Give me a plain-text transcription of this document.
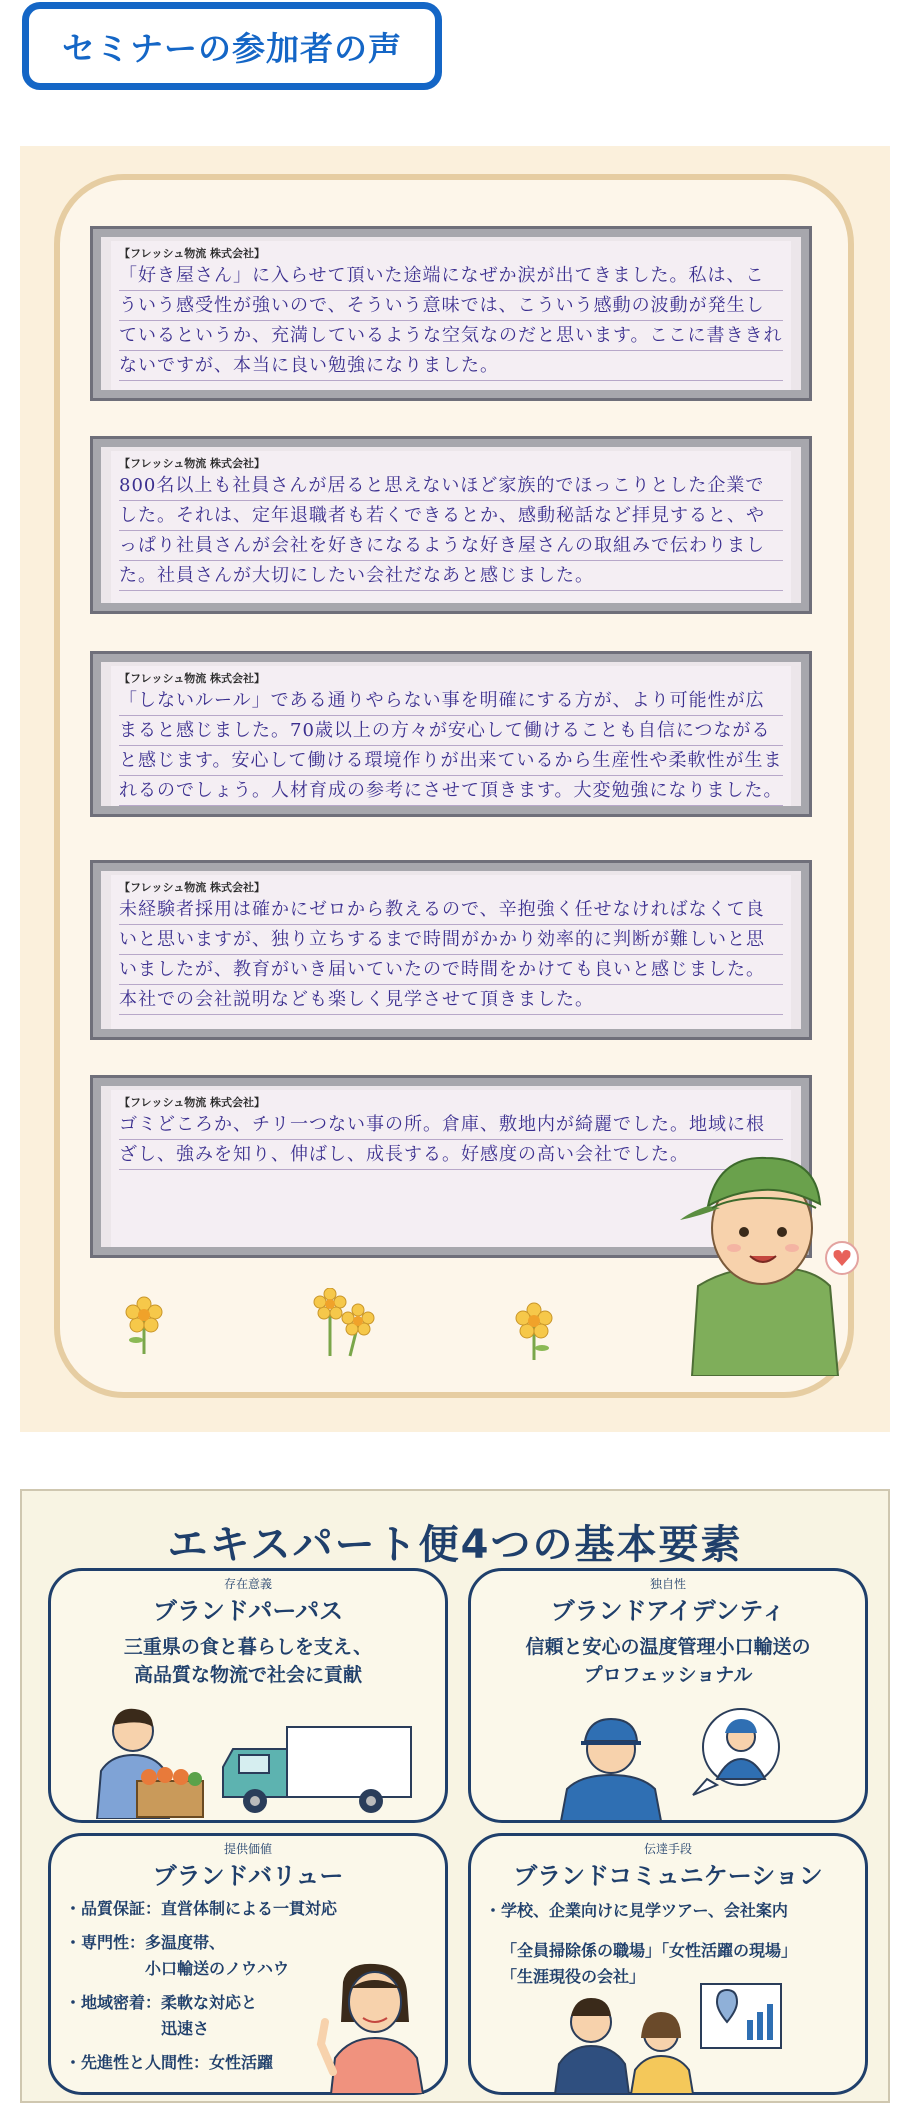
セミナーの参加者の声
【フレッシュ物流 株式会社】
「好き屋さん」に入らせて頂いた途端になぜか涙が出てきました。私は、こういう感受性が強いので、そういう意味では、こういう感動の波動が発生しているというか、充満しているような空気なのだと思います。ここに書ききれないですが、本当に良い勉強になりました。
【フレッシュ物流 株式会社】
800名以上も社員さんが居ると思えないほど家族的でほっこりとした企業でした。それは、定年退職者も若くできるとか、感動秘話など拝見すると、やっぱり社員さんが会社を好きになるような好き屋さんの取組みで伝わりました。社員さんが大切にしたい会社だなあと感じました。
【フレッシュ物流 株式会社】
「しないルール」である通りやらない事を明確にする方が、より可能性が広まると感じました。70歳以上の方々が安心して働けることも自信につながると感じます。安心して働ける環境作りが出来ているから生産性や柔軟性が生まれるのでしょう。人材育成の参考にさせて頂きます。大変勉強になりました。
【フレッシュ物流 株式会社】
未経験者採用は確かにゼロから教えるので、辛抱強く任せなければなくて良いと思いますが、独り立ちするまで時間がかかり効率的に判断が難しいと思いましたが、教育がいき届いていたので時間をかけても良いと感じました。本社での会社説明なども楽しく見学させて頂きました。
【フレッシュ物流 株式会社】
ゴミどころか、チリ一つない事の所。倉庫、敷地内が綺麗でした。地域に根ざし、強みを知り、伸ばし、成長する。好感度の高い会社でした。
エキスパート便4つの基本要素
存在意義
ブランドパーパス
三重県の食と暮らしを支え、
高品質な物流で社会に貢献
独自性
ブランドアイデンティ
信頼と安心の温度管理小口輸送の
プロフェッショナル
提供価値
ブランドバリュー
・品質保証：直営体制による一貫対応
・専門性：多温度帯、
　　　　　小口輸送のノウハウ
・地域密着：柔軟な対応と
　　　　　　迅速さ
・先進性と人間性：女性活躍
伝達手段
ブランドコミュニケーション
・学校、企業向けに見学ツアー、会社案内
「全員掃除係の職場」「女性活躍の現場」
「生涯現役の会社」
